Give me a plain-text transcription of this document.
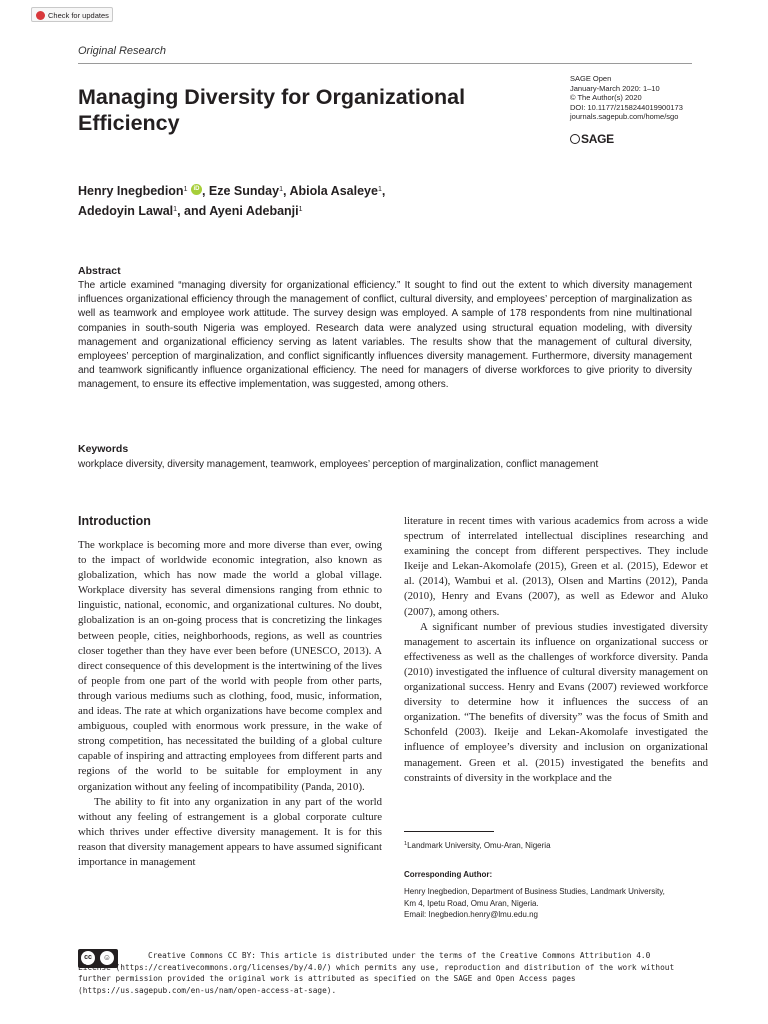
Check for updates
Original Research
Managing Diversity for Organizational Efficiency
SAGE Open
January-March 2020: 1–10
© The Author(s) 2020
DOI: 10.1177/2158244019900173
journals.sagepub.com/home/sgo
SAGE
Henry Inegbedion$^1$ iD , Eze Sunday$^1$, Abiola Asaleye$^1$,
Adedoyin Lawal$^1$, and Ayeni Adebanji$^1$
Abstract

The article examined “managing diversity for organizational efficiency.” It sought to find out the extent to which diversity management influences organizational efficiency through the management of conflict, cultural diversity, and employees’ perception of marginalization as well as teamwork and employee work attitude. The survey design was employed. A sample of 178 respondents from nine multinational companies in south-south Nigeria was employed. Research data were analyzed using structural equation modeling, with diversity management and organizational efficiency serving as latent variables. The results show that the management of cultural diversity, employees’ perception of marginalization, and conflict significantly influences diversity management. Furthermore, diversity management and teamwork significantly influence organizational efficiency. The need for managers of diverse workforces to give priority to diversity management, to ensure its effective implementation, was suggested, among others.

Keywords

workplace diversity, diversity management, teamwork, employees’ perception of marginalization, conflict management

Introduction

The workplace is becoming more and more diverse than ever, owing to the impact of worldwide economic integration, also known as globalization, which has now made the world a global village. Workplace diversity has several dimensions ranging from ethnic to linguistic, national, economic, and organizational cultures. No doubt, globalization is an on-going process that is concretizing the linkages between people, cities, neighborhoods, regions, as well as countries closer together than they have ever been before (UNESCO, 2013). A direct consequence of this development is the intertwining of the lives of people from one part of the world with people from other parts, through various mediums such as clothing, food, music, information, and ideas. The rate at which organizations have become complex and ambiguous, coupled with enormous work pressure, in the wake of strong competition, has necessitated the building of a global culture capable of inspiring and attracting employees from different parts and regions of the world to be suitable for employment in any organization without any feeling of incompatibility (Panda, 2010).

The ability to fit into any organization in any part of the world without any feeling of estrangement is a global corporate culture which thrives under effective diversity management. It is for this reason that diversity management appears to have assumed significant importance in management

literature in recent times with various academics from across a wide spectrum of interrelated intellectual disciplines researching and examining the concept from different perspectives. They include Ikeije and Lekan-Akomolafe (2015), Green et al. (2015), Edewor et al. (2014), Wambui et al. (2013), Olsen and Martins (2012), Panda (2010), Henry and Evans (2007), as well as Edewor and Aluko (2007), among others.

A significant number of previous studies investigated diversity management to ascertain its influence on organizational success or effectiveness as well as the challenges of workforce diversity. Panda (2010) investigated the influence of cultural diversity management on organizational success. Henry and Evans (2007) reviewed workforce diversity to determine how it influences the success of an organization. “The benefits of diversity” was the focus of Smith and Schonfeld (2003). Ikeije and Lekan-Akomolafe investigated the influence of employee’s diversity and inclusion on organizational management. Green et al. (2015) investigated the benefits and constraints of diversity in the workplace and the

$^1$Landmark University, Omu-Aran, Nigeria
Corresponding Author:
Henry Inegbedion, Department of Business Studies, Landmark University,
Km 4, Ipetu Road, Omu Aran, Nigeria.
Email: Inegbedion.henry@lmu.edu.ng
cc	☺	Creative Commons CC BY: This article is distributed under the terms of the Creative Commons Attribution 4.0 License (https://creativecommons.org/licenses/by/4.0/) which permits any use, reproduction and distribution of the work without further permission provided the original work is attributed as specified on the SAGE and Open Access pages (https://us.sagepub.com/en-us/nam/open-access-at-sage).
